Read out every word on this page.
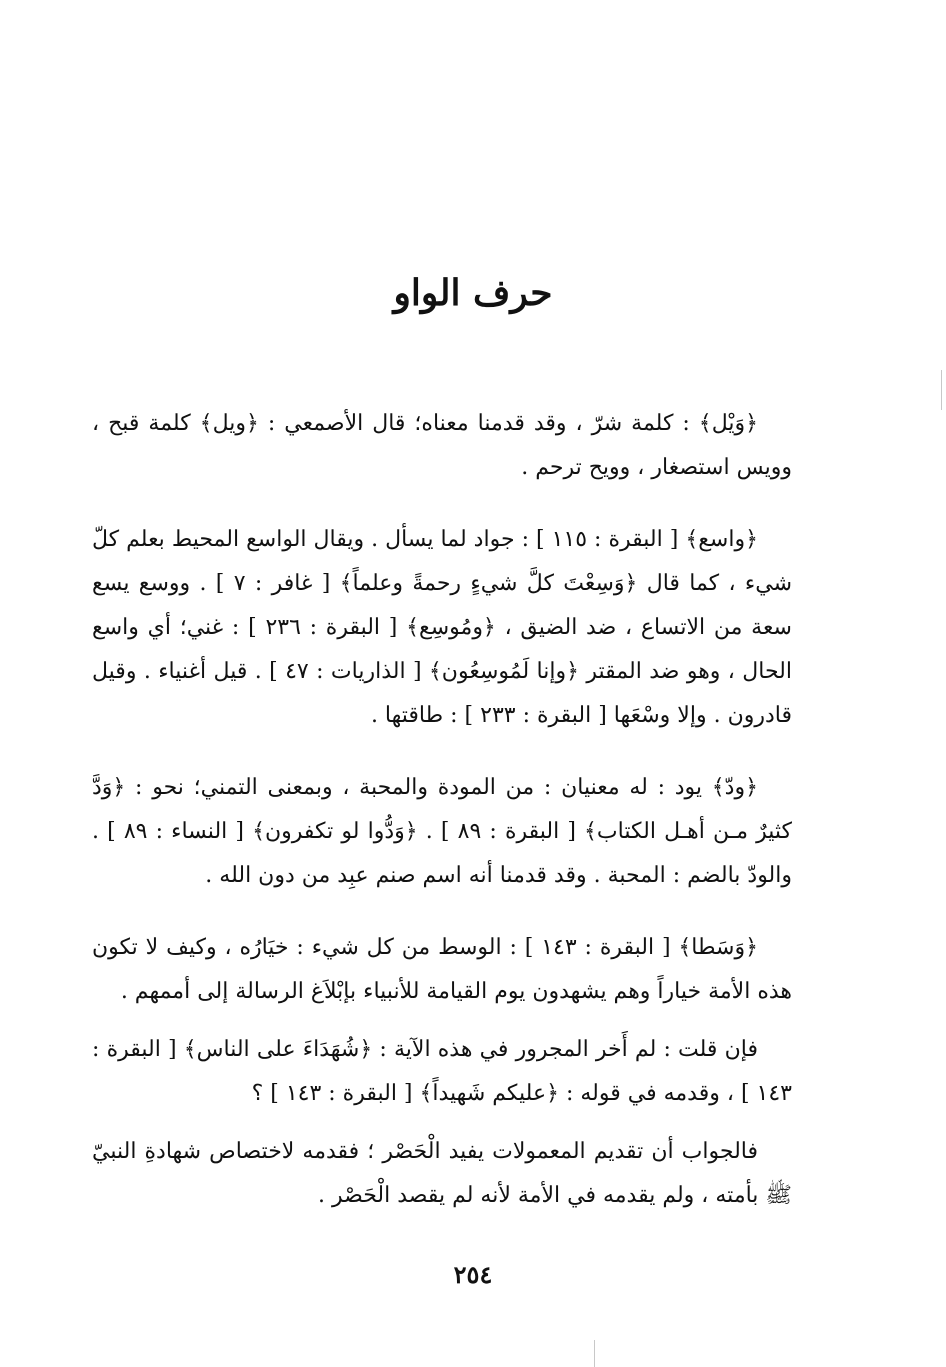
حرف الواو

﴿وَيْل﴾ : كلمة شرّ ، وقد قدمنا معناه؛ قال الأصمعي : ﴿ويل﴾ كلمة قبح ، وويس استصغار ، وويح ترحم .

﴿واسع﴾ [ البقرة : ١١٥ ] : جواد لما يسأل . ويقال الواسع المحيط بعلم كلّ شيء ، كما قال ﴿وَسِعْتَ كلَّ شيءٍ رحمةً وعلماً﴾ [ غافر : ٧ ] . ووسع يسع سعة من الاتساع ، ضد الضيق ، ﴿ومُوسِع﴾ [ البقرة : ٢٣٦ ] : غني؛ أي واسع الحال ، وهو ضد المقتر ﴿وإنا لَمُوسِعُون﴾ [ الذاريات : ٤٧ ] . قيل أغنياء . وقيل قادرون . وإلا وسْعَها [ البقرة : ٢٣٣ ] : طاقتها .

﴿ودّ﴾ يود : له معنيان : من المودة والمحبة ، وبمعنى التمني؛ نحو : ﴿وَدَّ كثيرٌ مـن أهـل الكتاب﴾ [ البقرة : ٨٩ ] . ﴿وَدُّوا لو تكفرون﴾ [ النساء : ٨٩ ] . والودّ بالضم : المحبة . وقد قدمنا أنه اسم صنم عبِد من دون الله .

﴿وَسَطا﴾ [ البقرة : ١٤٣ ] : الوسط من كل شيء : خيَارُه ، وكيف لا تكون هذه الأمة خياراً وهم يشهدون يوم القيامة للأنبياء بإبْلاَغ الرسالة إلى أممهم .

فإن قلت : لم أَخر المجرور في هذه الآية : ﴿شُهَدَاءَ على الناس﴾ [ البقرة : ١٤٣ ] ، وقدمه في قوله : ﴿عليكم شَهيداً﴾ [ البقرة : ١٤٣ ] ؟

فالجواب أن تقديم المعمولات يفيد الْحَصْر ؛ فقدمه لاختصاص شهادةِ النبيّ ﷺ بأمته ، ولم يقدمه في الأمة لأنه لم يقصد الْحَصْر .

٢٥٤
